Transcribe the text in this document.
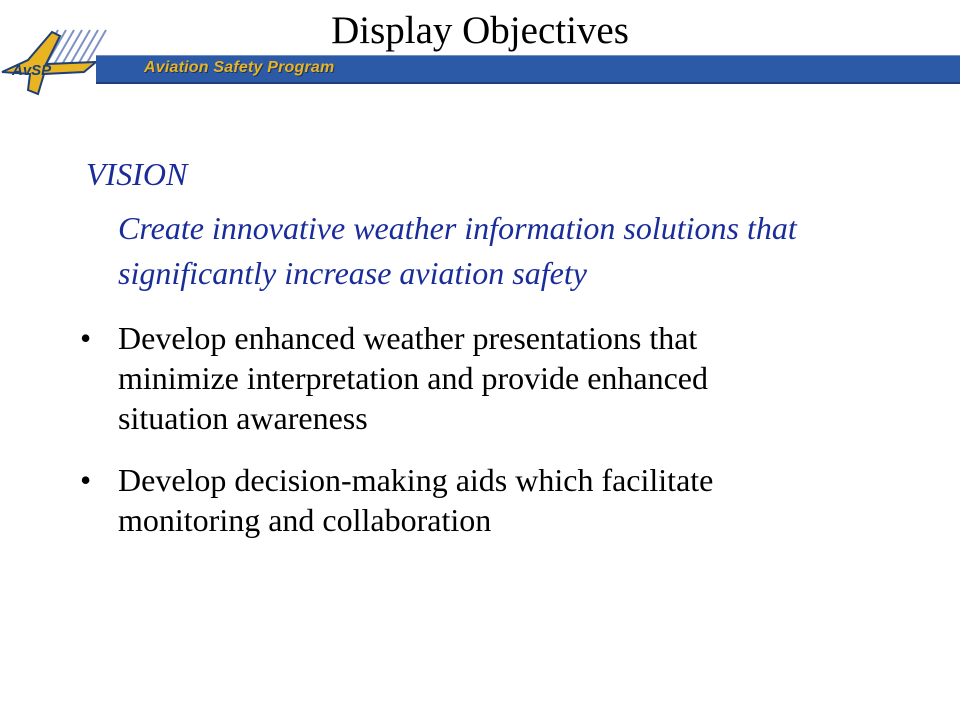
AvSP	Aviation Safety Program
Display Objectives
VISION
Create innovative weather information solutions that significantly increase aviation safety
• Develop enhanced weather presentations that minimize interpretation and provide enhanced situation awareness
• Develop decision-making aids which facilitate monitoring and collaboration
